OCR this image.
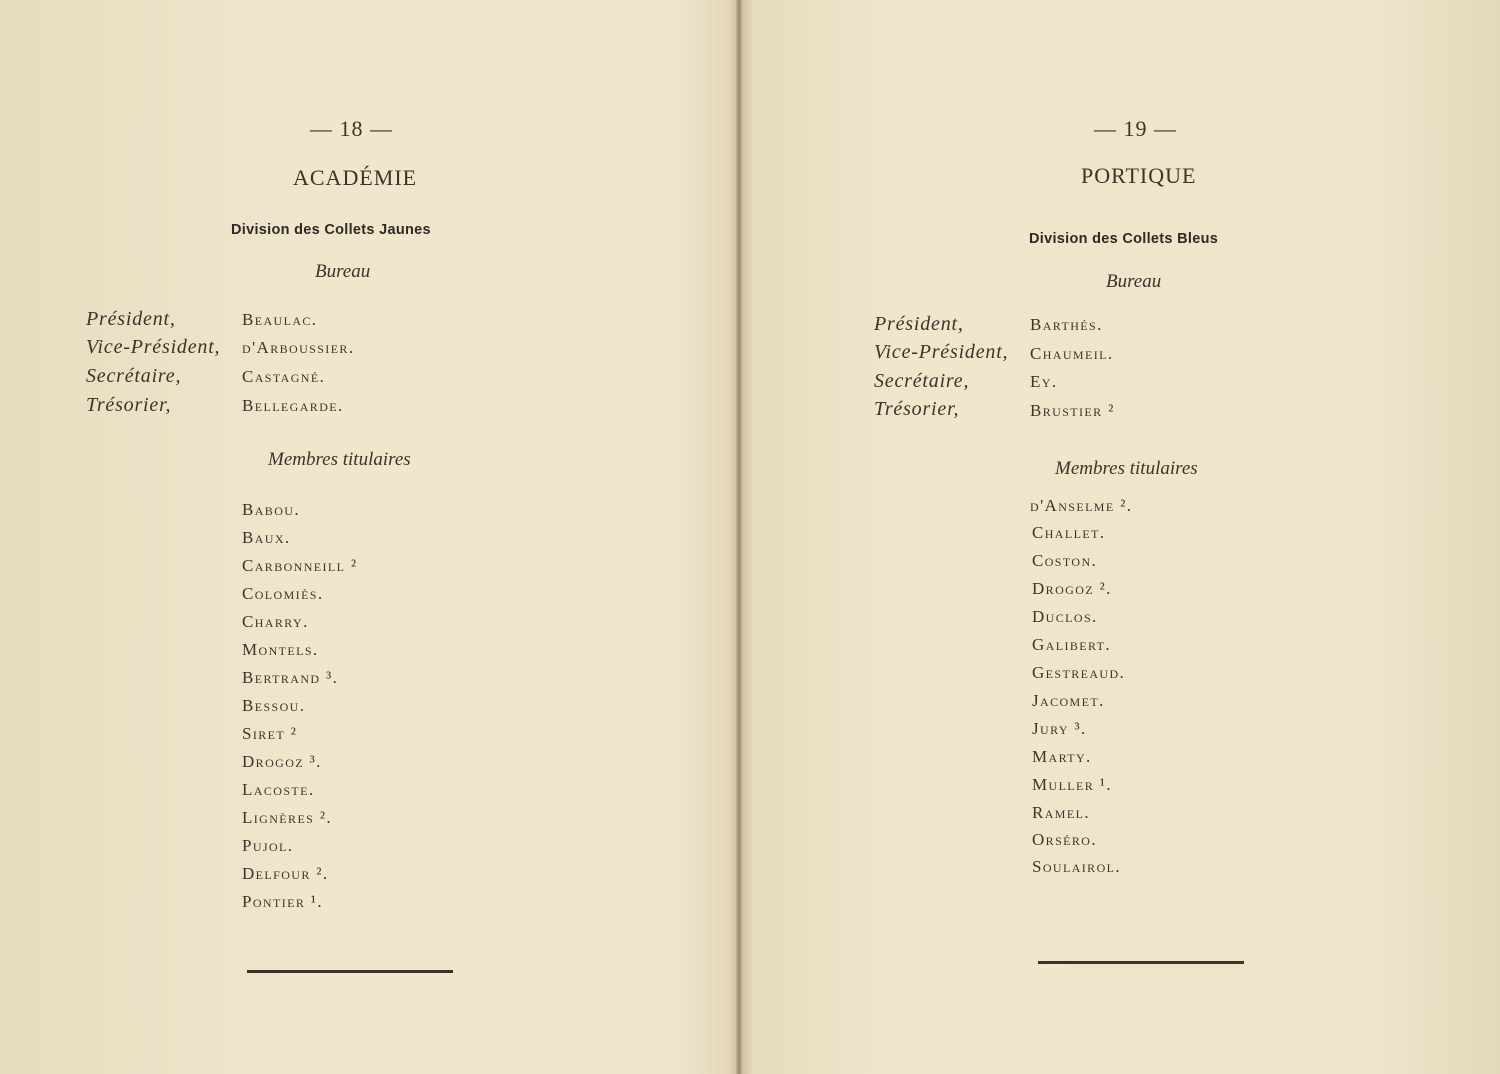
— 18 —
ACADÉMIE
Division des Collets Jaunes
Bureau
Président,	Beaulac.
Vice-Président, d'Arboussier.
Secrétaire,	Castagné.
Trésorier,	Bellegarde.
Membres titulaires
Babou.
Baux.
Carbonneill ²
Colomiès.
Charry.
Montels.
Bertrand ³.
Bessou.
Siret ²
Drogoz ³.
Lacoste.
Lignères ².
Pujol.
Delfour ².
Pontier ¹.
— 19 —
PORTIQUE
Division des Collets Bleus
Bureau
Président,	Barthés.
Vice-Président, Chaumeil.
Secrétaire,	Ey.
Trésorier,	Brustier ²
Membres titulaires
d'Anselme ².
Challet.
Coston.
Drogoz ².
Duclos.
Galibert.
Gestreaud.
Jacomet.
Jury ³.
Marty.
Muller ¹.
Ramel.
Orséro.
Soulairol.
